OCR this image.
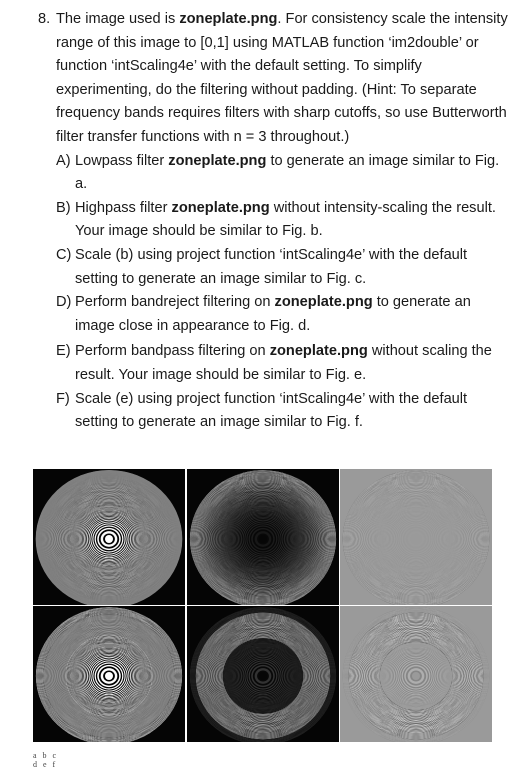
8. The image used is zoneplate.png. For consistency scale the intensity range of this image to [0,1] using MATLAB function ‘im2double’ or function ‘intScaling4e’ with the default setting. To simplify experimenting, do the filtering without padding. (Hint: To separate frequency bands requires filters with sharp cutoffs, so use Butterworth filter transfer functions with n = 3 throughout.)
A) Lowpass filter zoneplate.png to generate an image similar to Fig. a.
B) Highpass filter zoneplate.png without intensity-scaling the result. Your image should be similar to Fig. b.
C) Scale (b) using project function ‘intScaling4e’ with the default setting to generate an image similar to Fig. c.
D) Perform bandreject filtering on zoneplate.png to generate an image close in appearance to Fig. d.
E) Perform bandpass filtering on zoneplate.png without scaling the result. Your image should be similar to Fig. e.
F) Scale (e) using project function ‘intScaling4e’ with the default setting to generate an image similar to Fig. f.
a b c
d e f
